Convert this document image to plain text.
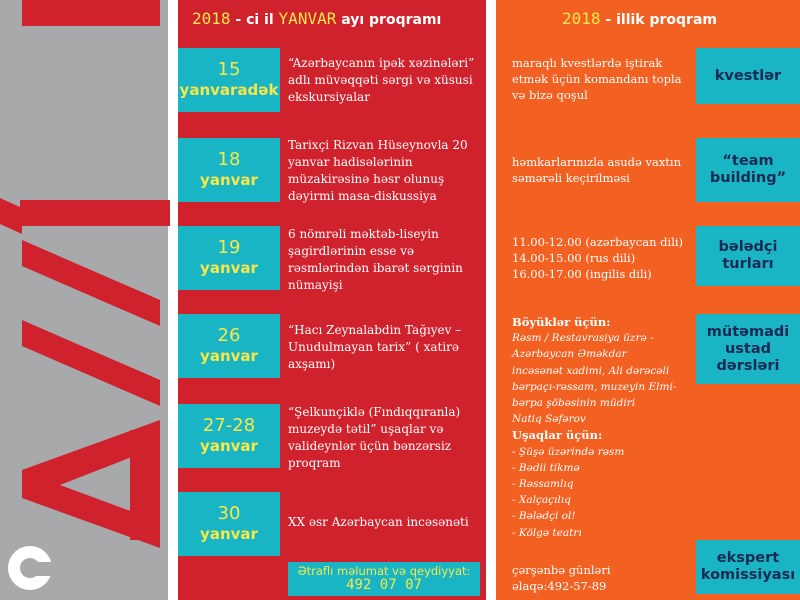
2018 - ci il YANVAR ayı proqramı	2018 - illik proqram
15
yanvaradək
“Azərbaycanın ipək xəzinələri” adlı müvəqqəti sərgi və xüsusi ekskursiyalar
18
yanvar
Tarixçi Rizvan Hüseynovla 20 yanvar hadisələrinin müzakirəsinə həsr olunuş dəyirmi masa-diskussiya
19
yanvar
6 nömrəli məktəb-liseyin şagirdlərinin esse və rəsmlərindən ibarət sərginin nümayişi
26
yanvar
“Hacı Zeynalabdin Tağıyev – Unudulmayan tarix” ( xatirə axşamı)
27-28
yanvar
“Şelkunçiklə (Fındıqqıranla) muzeydə tətil” uşaqlar və valideynlər üçün bənzərsiz proqram
30
yanvar
XX əsr Azərbaycan incəsənəti
Ətraflı məlumat və qeydiyyat:
492 07 07
maraqlı kvestlərdə iştirak etmək üçün komandanı topla və bizə qoşul
kvestlər
həmkarlarınızla asudə vaxtın səmərəli keçirilməsi
“team
building”
11.00-12.00 (azərbaycan dili)
14.00-15.00 (rus dili)
16.00-17.00 (ingilis dili)
bələdçi
turları
Böyüklər üçün:
Rəsm / Restavrasiya üzrə -
Azərbaycan Əməkdar
incəsənət xadimi, Ali dərəcəli
bərpaçı-rəssam, muzeyin Elmi-
bərpa şöbəsinin müdiri
Natiq Səfərov
Uşaqlar üçün:
- Şüşə üzərində rəsm
- Bədii tikmə
- Rəssamlıq
- Xalçaçılıq
- Bələdçi ol!
- Kölgə teatrı
mütəmadi
ustad
dərsləri
çərşənbə günləri
əlaqə:492-57-89
ekspert
komissiyası
